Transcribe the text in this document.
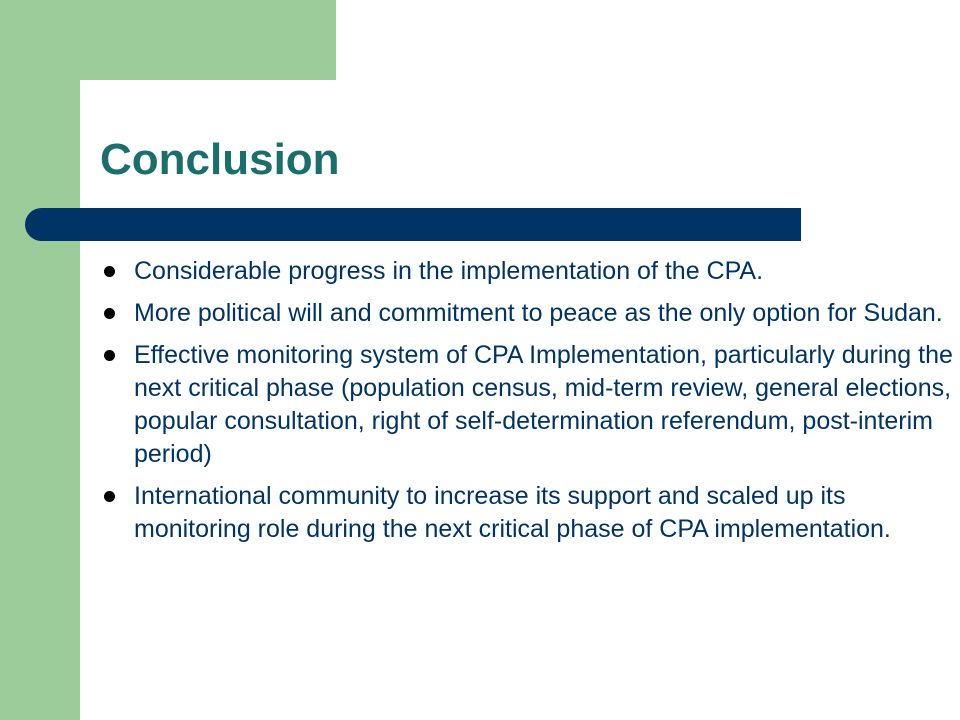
Conclusion
Considerable progress in the implementation of the CPA.
More political will and commitment to peace as the only option for Sudan.
Effective monitoring system of CPA Implementation, particularly during the next critical phase (population census, mid-term review, general elections, popular consultation, right of self-determination referendum, post-interim period)
International community to increase its support and scaled up its monitoring role during the next critical phase of CPA implementation.
